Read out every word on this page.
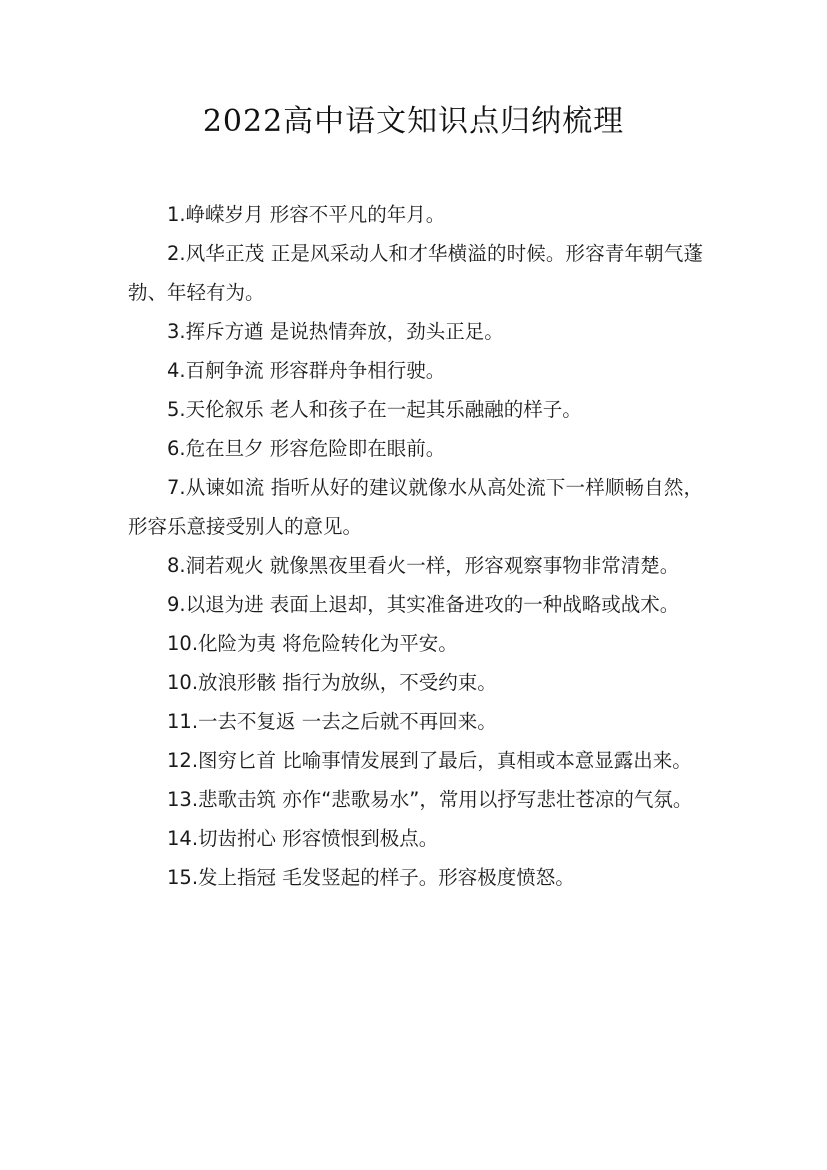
2022高中语文知识点归纳梳理

1.峥嵘岁月 形容不平凡的年月。

2.风华正茂 正是风采动人和才华横溢的时候。形容青年朝气蓬勃、年轻有为。

3.挥斥方遒 是说热情奔放，劲头正足。

4.百舸争流 形容群舟争相行驶。

5.天伦叙乐 老人和孩子在一起其乐融融的样子。

6.危在旦夕 形容危险即在眼前。

7.从谏如流 指听从好的建议就像水从高处流下一样顺畅自然，形容乐意接受别人的意见。

8.洞若观火 就像黑夜里看火一样，形容观察事物非常清楚。

9.以退为进 表面上退却，其实准备进攻的一种战略或战术。

10.化险为夷 将危险转化为平安。

10.放浪形骸 指行为放纵，不受约束。

11.一去不复返 一去之后就不再回来。

12.图穷匕首 比喻事情发展到了最后，真相或本意显露出来。

13.悲歌击筑 亦作“悲歌易水”，常用以抒写悲壮苍凉的气氛。

14.切齿拊心 形容愤恨到极点。

15.发上指冠 毛发竖起的样子。形容极度愤怒。
